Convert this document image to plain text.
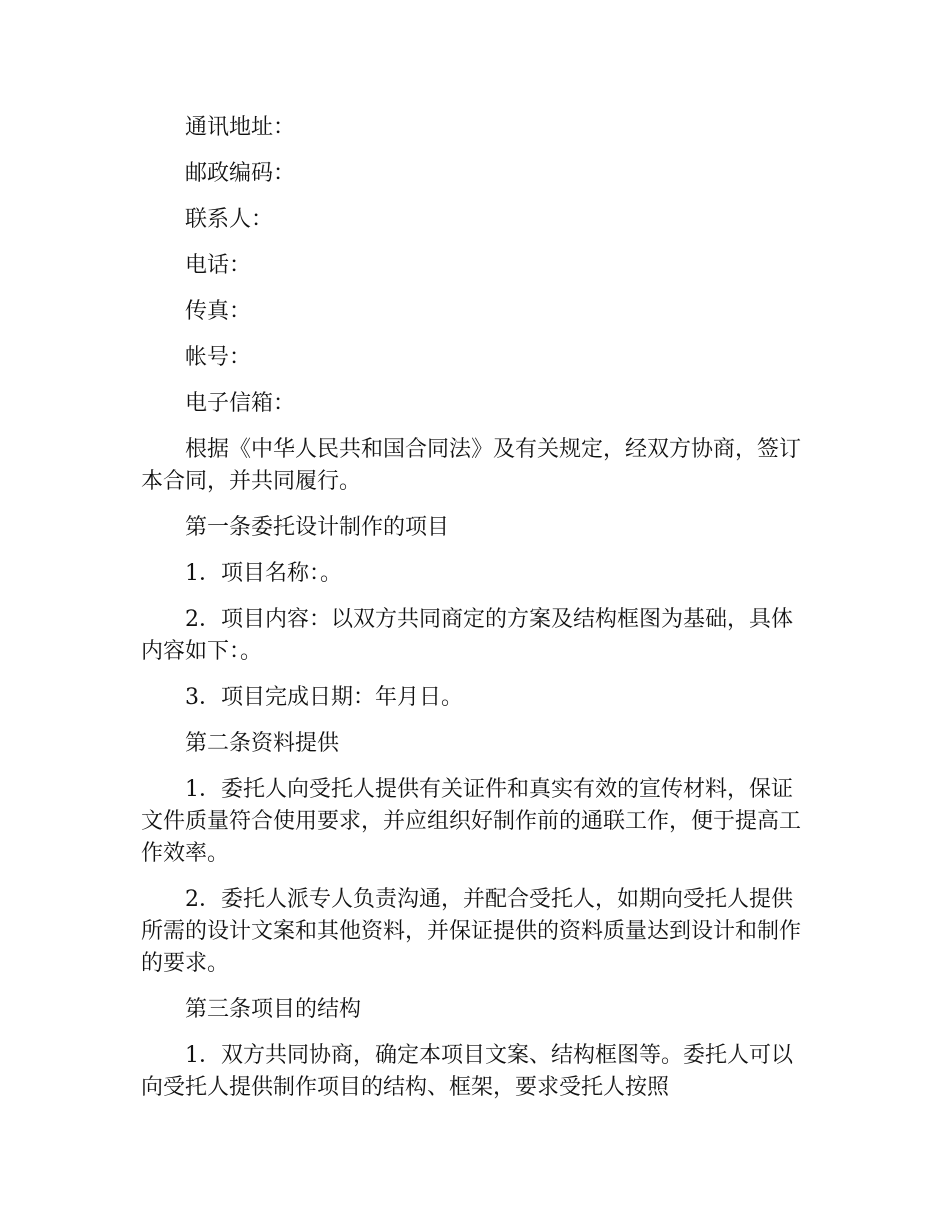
通讯地址：

邮政编码：

联系人：

电话：

传真：

帐号：

电子信箱：

根据《中华人民共和国合同法》及有关规定，经双方协商，签订本合同，并共同履行。

第一条委托设计制作的项目

1．项目名称：。

2．项目内容：以双方共同商定的方案及结构框图为基础，具体内容如下：。

3．项目完成日期：年月日。

第二条资料提供

1．委托人向受托人提供有关证件和真实有效的宣传材料，保证文件质量符合使用要求，并应组织好制作前的通联工作，便于提高工作效率。

2．委托人派专人负责沟通，并配合受托人，如期向受托人提供所需的设计文案和其他资料，并保证提供的资料质量达到设计和制作的要求。

第三条项目的结构

1．双方共同协商，确定本项目文案、结构框图等。委托人可以向受托人提供制作项目的结构、框架，要求受托人按照
